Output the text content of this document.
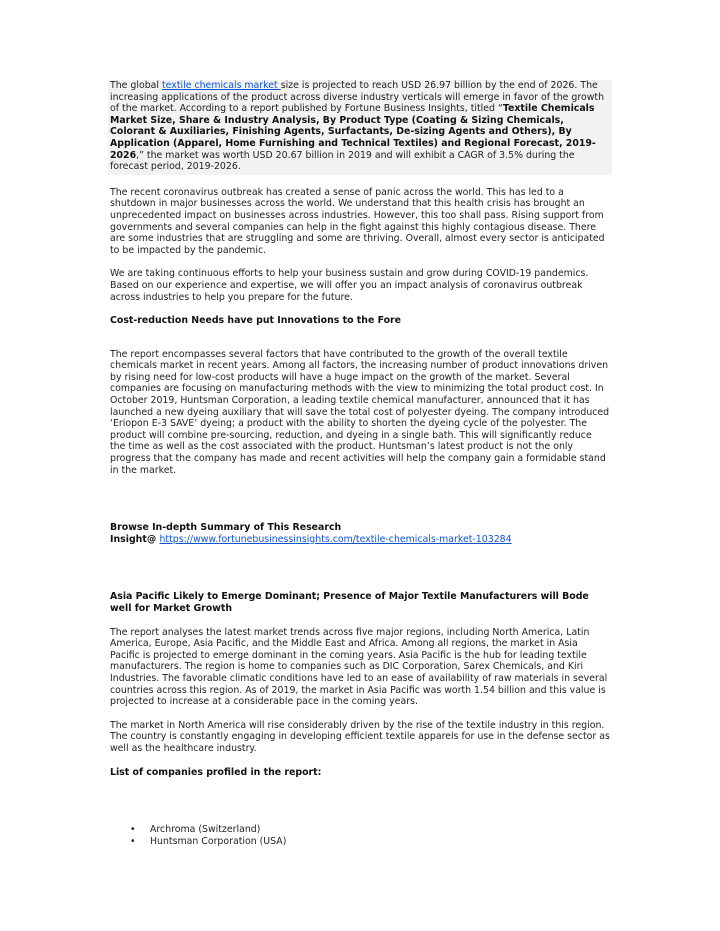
The global textile chemicals market size is projected to reach USD 26.97 billion by the end of 2026. The increasing applications of the product across diverse industry verticals will emerge in favor of the growth of the market. According to a report published by Fortune Business Insights, titled “Textile Chemicals Market Size, Share & Industry Analysis, By Product Type (Coating & Sizing Chemicals, Colorant & Auxiliaries, Finishing Agents, Surfactants, De-sizing Agents and Others), By Application (Apparel, Home Furnishing and Technical Textiles) and Regional Forecast, 2019-2026,” the market was worth USD 20.67 billion in 2019 and will exhibit a CAGR of 3.5% during the forecast period, 2019-2026.

The recent coronavirus outbreak has created a sense of panic across the world. This has led to a shutdown in major businesses across the world. We understand that this health crisis has brought an unprecedented impact on businesses across industries. However, this too shall pass. Rising support from governments and several companies can help in the fight against this highly contagious disease. There are some industries that are struggling and some are thriving. Overall, almost every sector is anticipated to be impacted by the pandemic.

We are taking continuous efforts to help your business sustain and grow during COVID-19 pandemics. Based on our experience and expertise, we will offer you an impact analysis of coronavirus outbreak across industries to help you prepare for the future.

Cost-reduction Needs have put Innovations to the Fore

The report encompasses several factors that have contributed to the growth of the overall textile chemicals market in recent years. Among all factors, the increasing number of product innovations driven by rising need for low-cost products will have a huge impact on the growth of the market. Several companies are focusing on manufacturing methods with the view to minimizing the total product cost. In October 2019, Huntsman Corporation, a leading textile chemical manufacturer, announced that it has launched a new dyeing auxiliary that will save the total cost of polyester dyeing. The company introduced ‘Eriopon E-3 SAVE’ dyeing; a product with the ability to shorten the dyeing cycle of the polyester. The product will combine pre-sourcing, reduction, and dyeing in a single bath. This will significantly reduce the time as well as the cost associated with the product. Huntsman’s latest product is not the only progress that the company has made and recent activities will help the company gain a formidable stand in the market.

Browse In-depth Summary of This Research

Insight@ https://www.fortunebusinessinsights.com/textile-chemicals-market-103284

Asia Pacific Likely to Emerge Dominant; Presence of Major Textile Manufacturers will Bode well for Market Growth

The report analyses the latest market trends across five major regions, including North America, Latin America, Europe, Asia Pacific, and the Middle East and Africa. Among all regions, the market in Asia Pacific is projected to emerge dominant in the coming years. Asia Pacific is the hub for leading textile manufacturers. The region is home to companies such as DIC Corporation, Sarex Chemicals, and Kiri Industries. The favorable climatic conditions have led to an ease of availability of raw materials in several countries across this region. As of 2019, the market in Asia Pacific was worth 1.54 billion and this value is projected to increase at a considerable pace in the coming years.

The market in North America will rise considerably driven by the rise of the textile industry in this region. The country is constantly engaging in developing efficient textile apparels for use in the defense sector as well as the healthcare industry.

List of companies profiled in the report:

• Archroma (Switzerland)
• Huntsman Corporation (USA)
